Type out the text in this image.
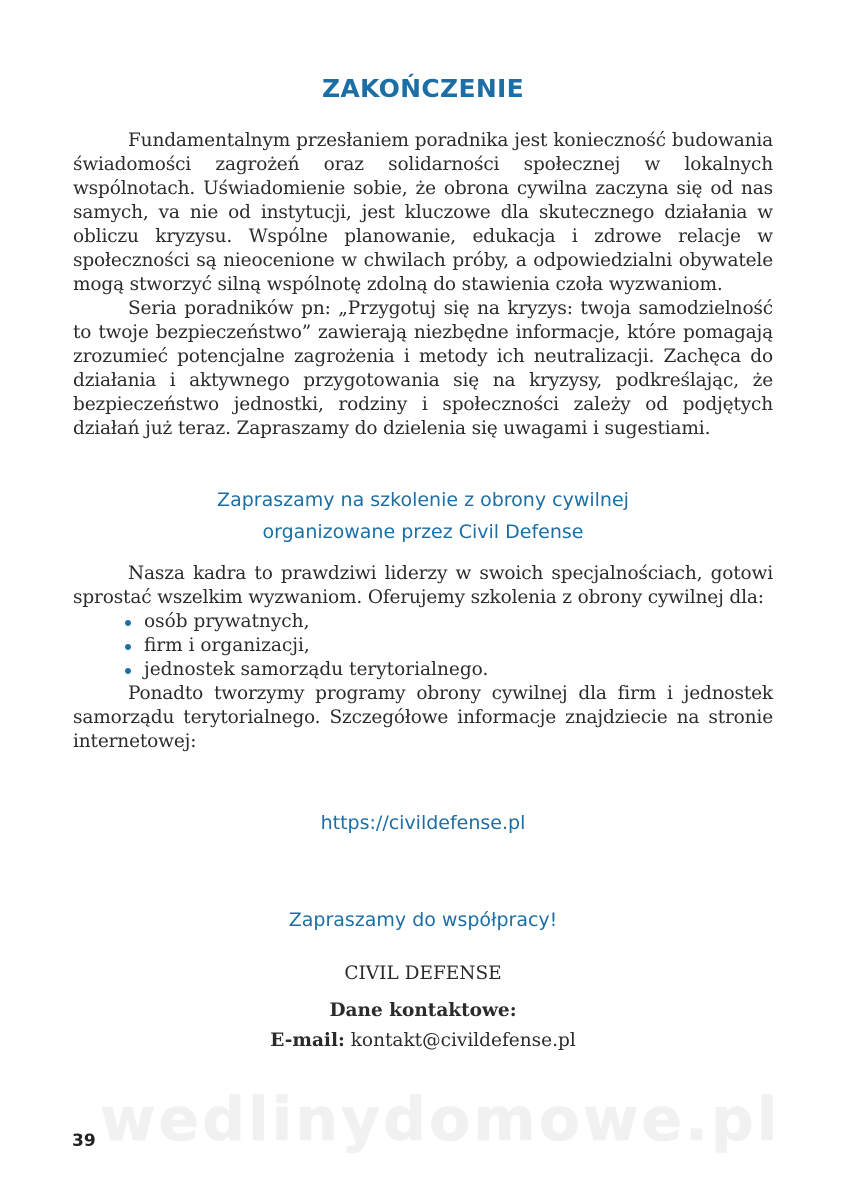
ZAKOŃCZENIE

Fundamentalnym przesłaniem poradnika jest konieczność budowania świadomości zagrożeń oraz solidarności społecznej w lokalnych wspólnotach. Uświadomienie sobie, że obrona cywilna zaczyna się od nas samych, va nie od instytucji, jest kluczowe dla skutecznego działania w obliczu kryzysu. Wspólne planowanie, edukacja i zdrowe relacje w społeczności są nieocenione w chwilach próby, a odpowiedzialni obywatele mogą stworzyć silną wspólnotę zdolną do stawienia czoła wyzwaniom.

Seria poradników pn: „Przygotuj się na kryzys: twoja samodzielność to twoje bezpieczeństwo” zawierają niezbędne informacje, które pomagają zrozumieć potencjalne zagrożenia i metody ich neutralizacji. Zachęca do działania i aktywnego przygotowania się na kryzysy, podkreślając, że bezpieczeństwo jednostki, rodziny i społeczności zależy od podjętych działań już teraz. Zapraszamy do dzielenia się uwagami i sugestiami.

Zapraszamy na szkolenie z obrony cywilnej
organizowane przez Civil Defense

Nasza kadra to prawdziwi liderzy w swoich specjalnościach, gotowi sprostać wszelkim wyzwaniom. Oferujemy szkolenia z obrony cywilnej dla:

osób prywatnych,
firm i organizacji,
jednostek samorządu terytorialnego.

Ponadto tworzymy programy obrony cywilnej dla firm i jednostek samorządu terytorialnego. Szczegółowe informacje znajdziecie na stronie internetowej:

https://civildefense.pl
Zapraszamy do współpracy!
CIVIL DEFENSE
Dane kontaktowe:
E-mail: kontakt@civildefense.pl
wedlinydomowe.pl
39
